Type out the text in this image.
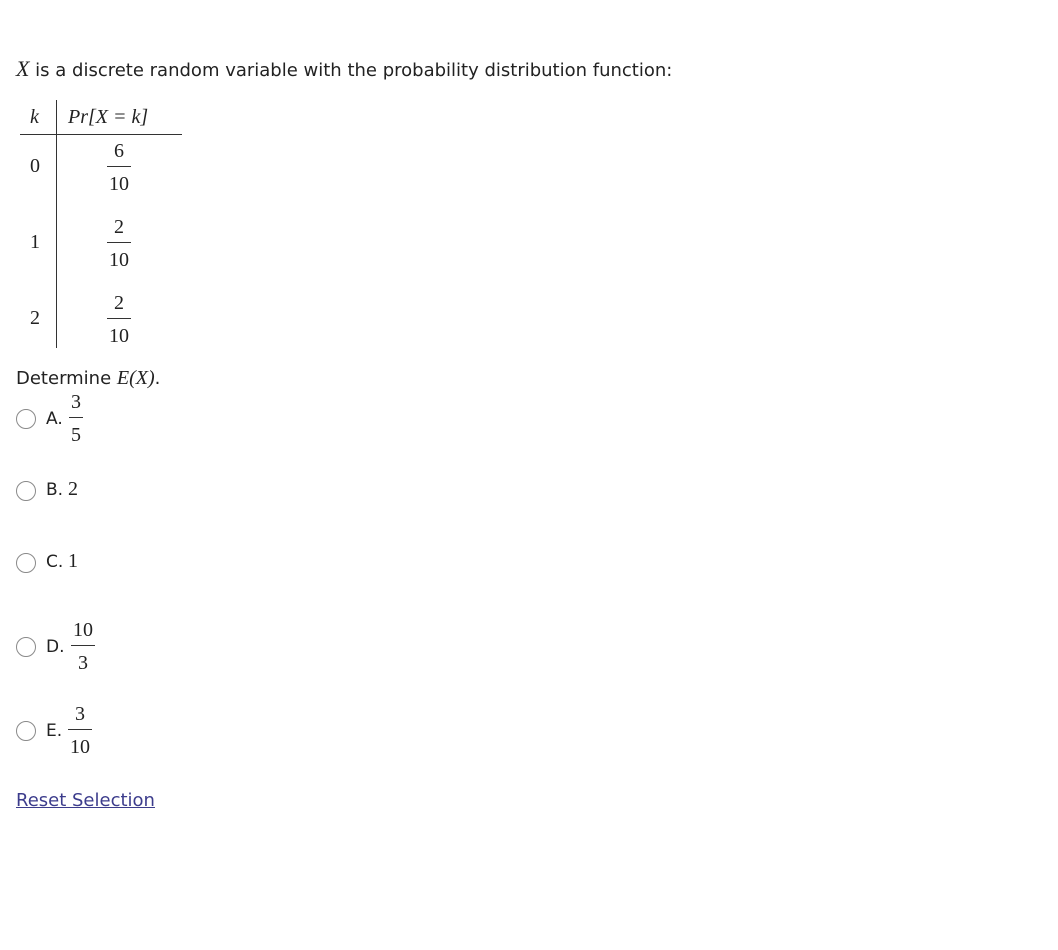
X is a discrete random variable with the probability distribution function:
k Pr[X = k]
0
6
10
1
2
10
2
2
10
Determine E(X).
A.
3
5
B. 2
C. 1
D.
10
3
E.
3
10
Reset Selection
